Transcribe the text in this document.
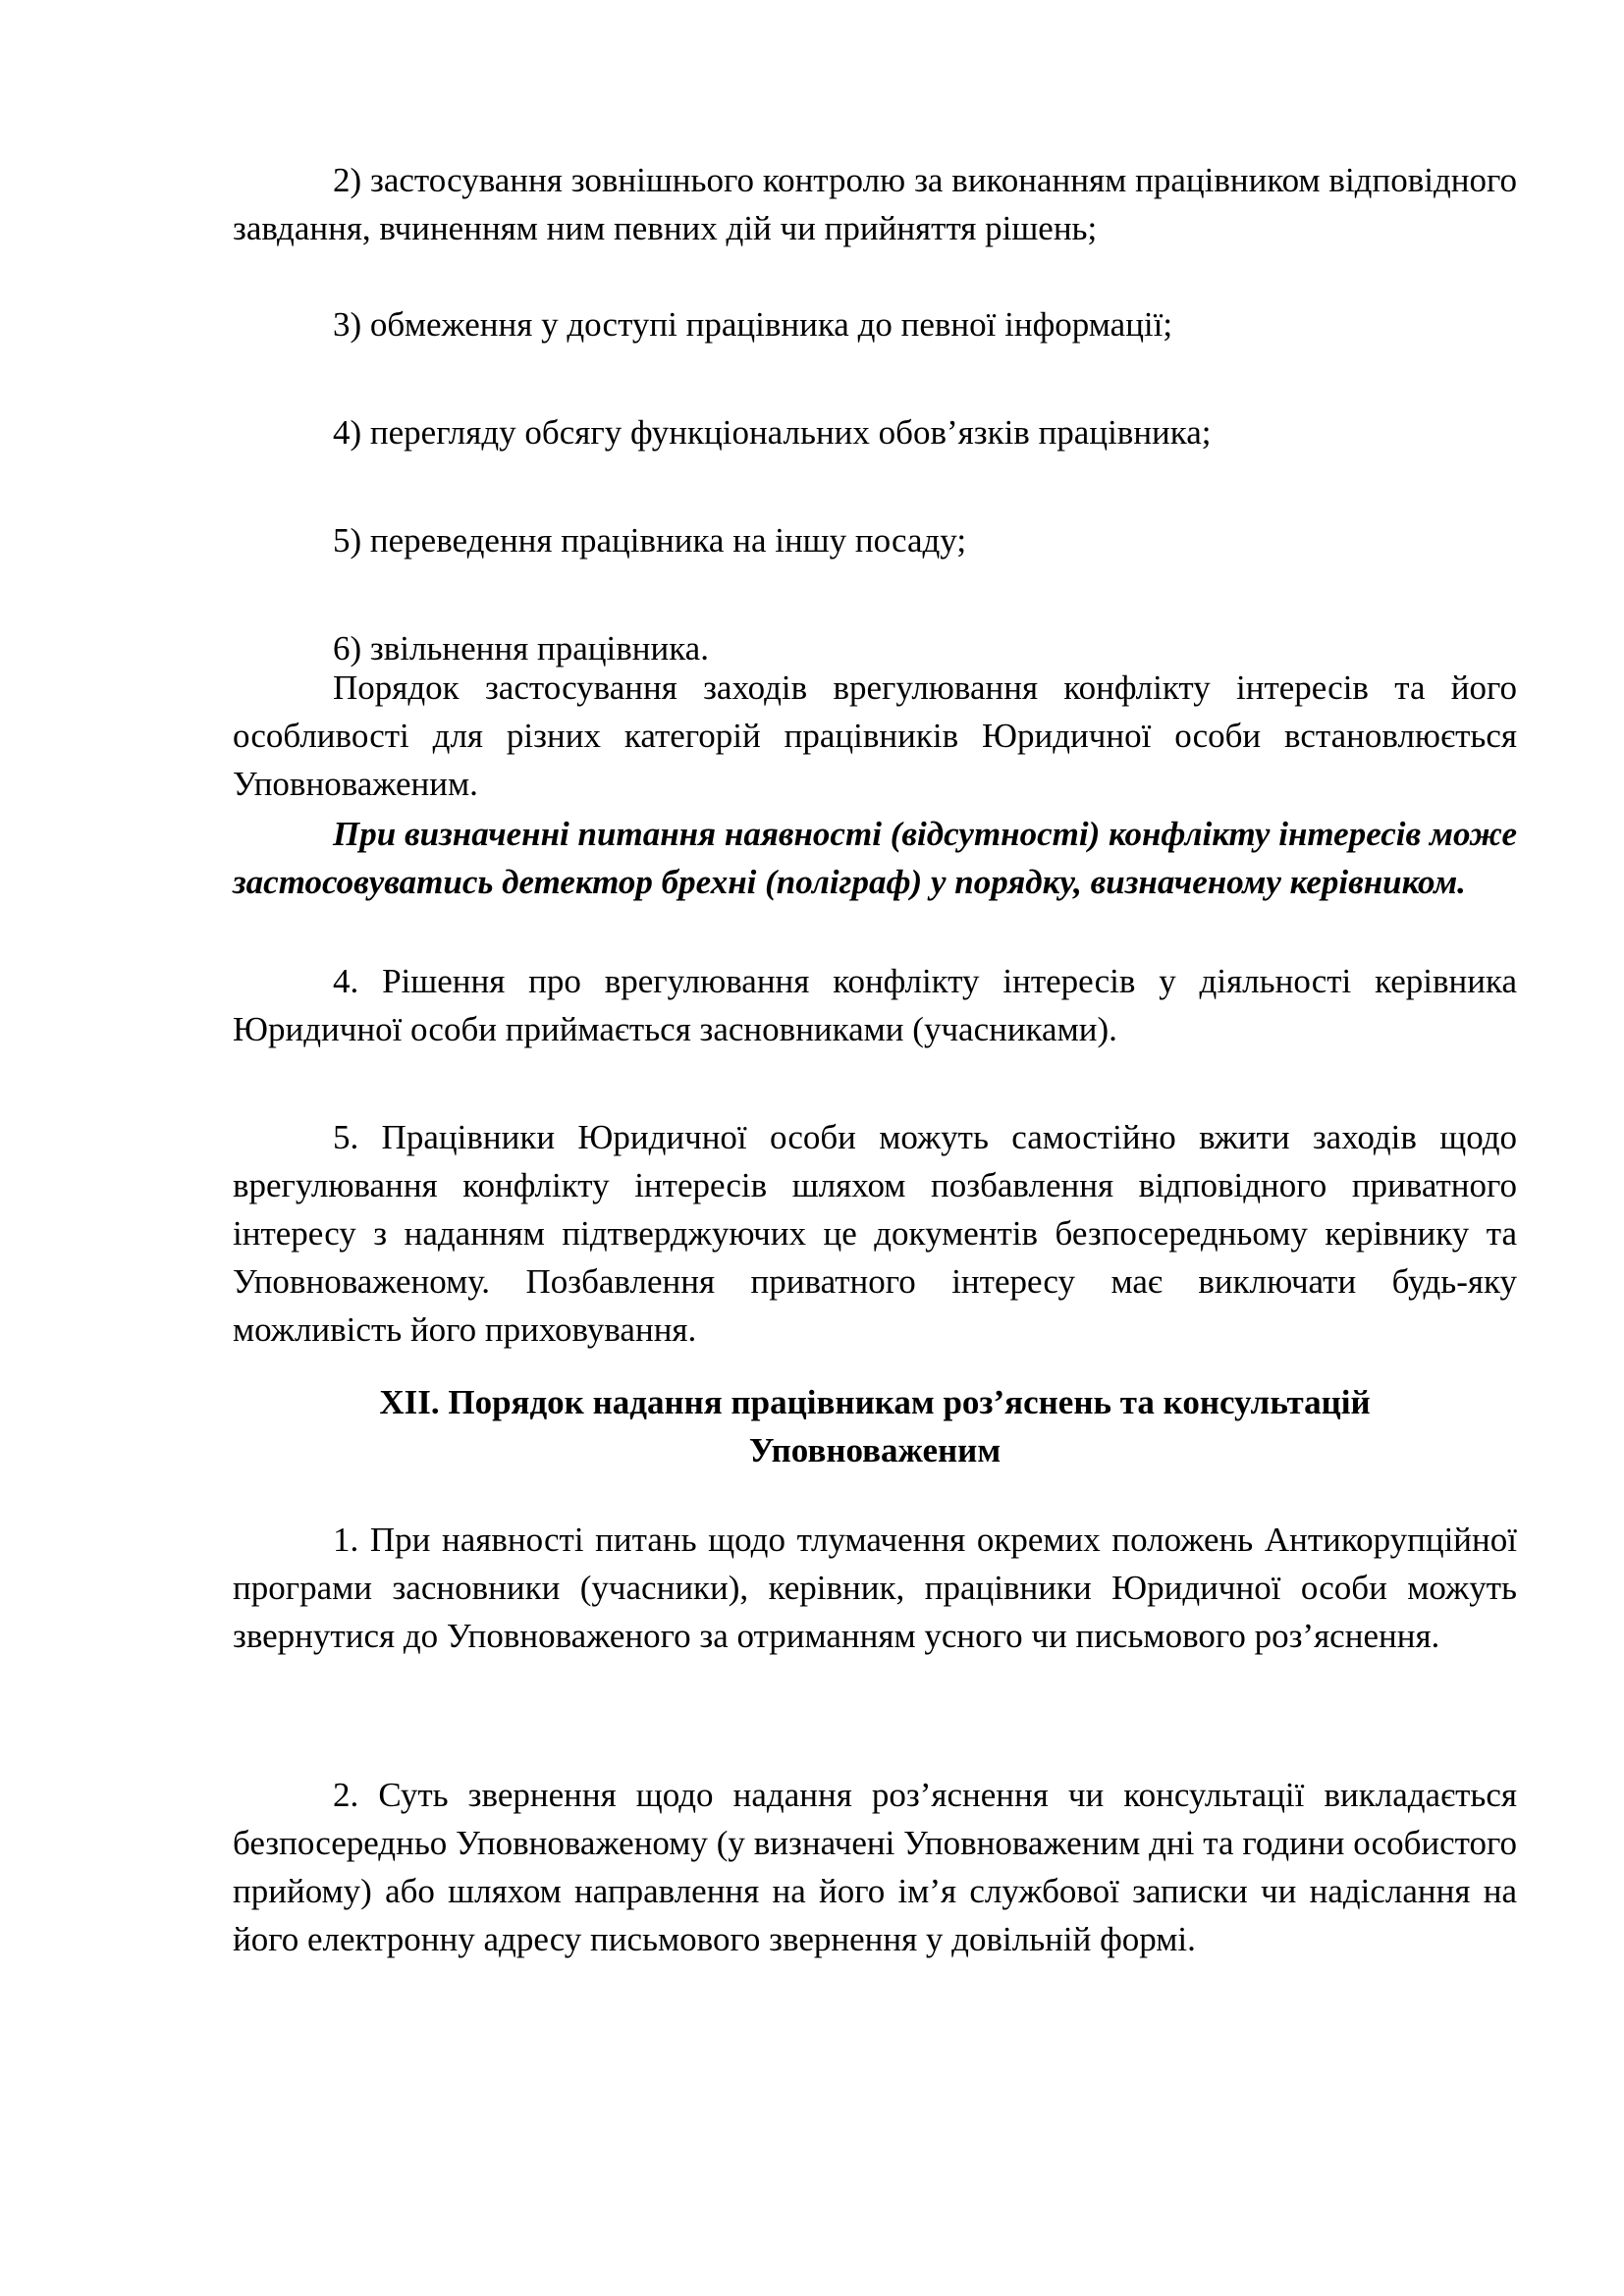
2) застосування зовнішнього контролю за виконанням працівником відповідного завдання, вчиненням ним певних дій чи прийняття рішень;

3) обмеження у доступі працівника до певної інформації;

4) перегляду обсягу функціональних обов’язків працівника;

5) переведення працівника на іншу посаду;

6) звільнення працівника.

Порядок застосування заходів врегулювання конфлікту інтересів та його особливості для різних категорій працівників Юридичної особи встановлюється Уповноваженим.

При визначенні питання наявності (відсутності) конфлікту інтересів може застосовуватись детектор брехні (поліграф) у порядку, визначеному керівником.

4. Рішення про врегулювання конфлікту інтересів у діяльності керівника Юридичної особи приймається засновниками (учасниками).

5. Працівники Юридичної особи можуть самостійно вжити заходів щодо врегулювання конфлікту інтересів шляхом позбавлення відповідного приватного інтересу з наданням підтверджуючих це документів безпосередньому керівнику та Уповноваженому. Позбавлення приватного інтересу має виключати будь-яку можливість його приховування.

XII. Порядок надання працівникам роз’яснень та консультацій
Уповноваженим

1. При наявності питань щодо тлумачення окремих положень Антикорупційної програми засновники (учасники), керівник, працівники Юридичної особи можуть звернутися до Уповноваженого за отриманням усного чи письмового роз’яснення.

2. Суть звернення щодо надання роз’яснення чи консультації викладається безпосередньо Уповноваженому (у визначені Уповноваженим дні та години особистого прийому) або шляхом направлення на його ім’я службової записки чи надіслання на його електронну адресу письмового звернення у довільній формі.
